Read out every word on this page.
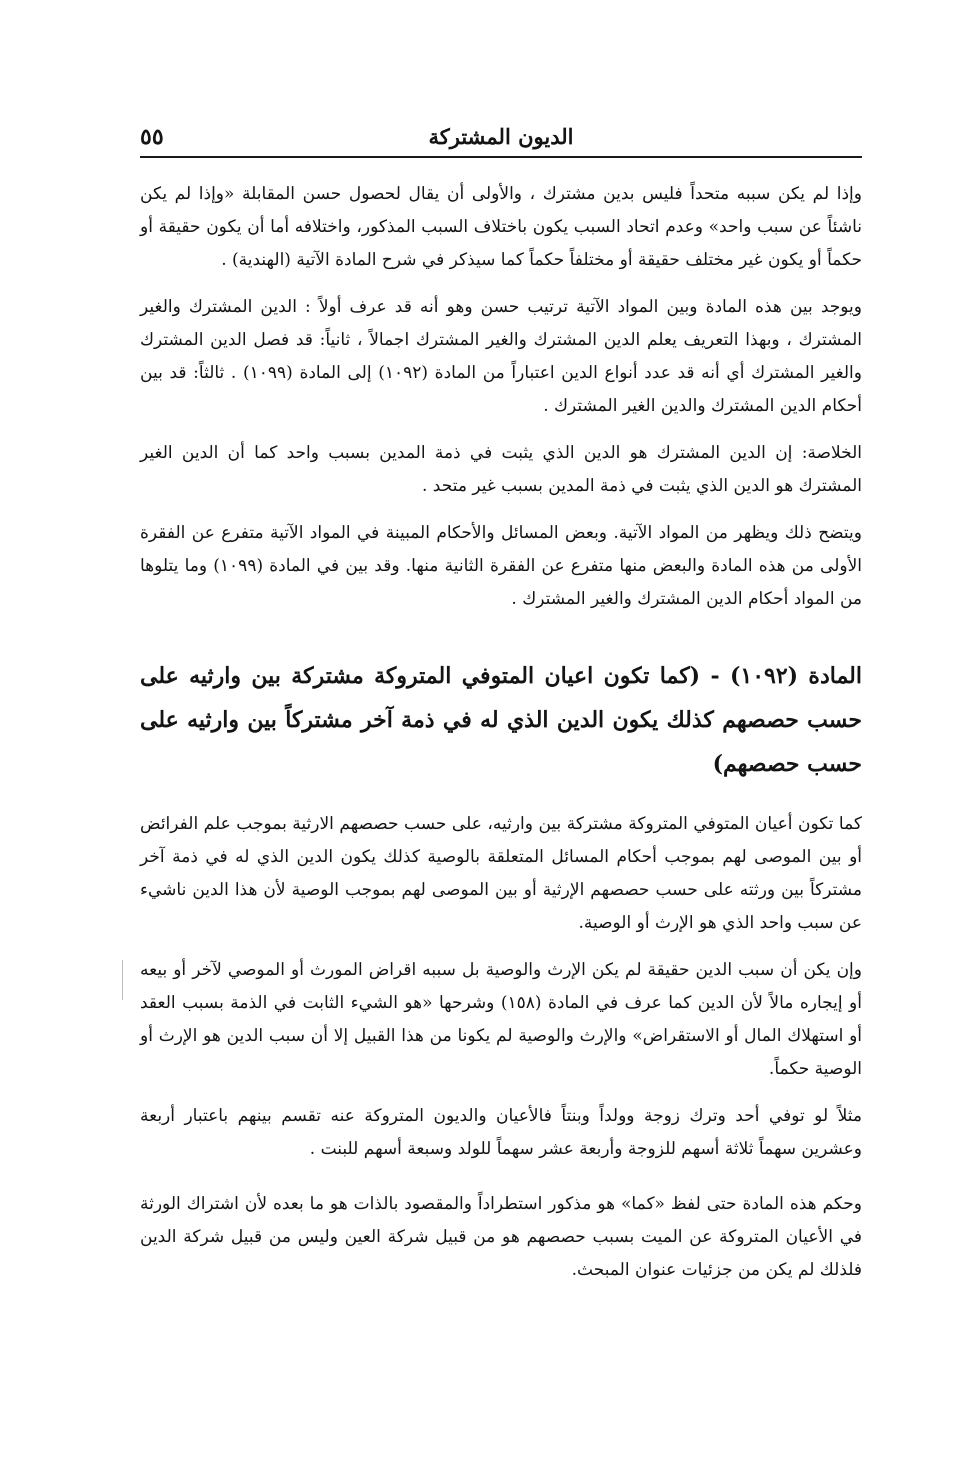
٥٥	الديون المشتركة

وإذا لم يكن سببه متحداً فليس بدين مشترك ، والأولى أن يقال لحصول حسن المقابلة «وإذا لم يكن ناشئاً عن سبب واحد» وعدم اتحاد السبب يكون باختلاف السبب المذكور، واختلافه أما أن يكون حقيقة أو حكماً أو يكون غير مختلف حقيقة أو مختلفاً حكماً كما سيذكر في شرح المادة الآتية (الهندية) .

ويوجد بين هذه المادة وبين المواد الآتية ترتيب حسن وهو أنه قد عرف أولاً : الدين المشترك والغير المشترك ، وبهذا التعريف يعلم الدين المشترك والغير المشترك اجمالاً ، ثانياً: قد فصل الدين المشترك والغير المشترك أي أنه قد عدد أنواع الدين اعتباراً من المادة (١٠٩٢) إلى المادة (١٠٩٩) . ثالثاً: قد بين أحكام الدين المشترك والدين الغير المشترك .

الخلاصة: إن الدين المشترك هو الدين الذي يثبت في ذمة المدين بسبب واحد كما أن الدين الغير المشترك هو الدين الذي يثبت في ذمة المدين بسبب غير متحد .

ويتضح ذلك ويظهر من المواد الآتية. وبعض المسائل والأحكام المبينة في المواد الآتية متفرع عن الفقرة الأولى من هذه المادة والبعض منها متفرع عن الفقرة الثانية منها. وقد بين في المادة (١٠٩٩) وما يتلوها من المواد أحكام الدين المشترك والغير المشترك .

المادة (١٠٩٢) - (كما تكون اعيان المتوفي المتروكة مشتركة بين وارثيه على حسب حصصهم كذلك يكون الدين الذي له في ذمة آخر مشتركاً بين وارثيه على حسب حصصهم)

كما تكون أعيان المتوفي المتروكة مشتركة بين وارثيه، على حسب حصصهم الارثية بموجب علم الفرائض أو بين الموصى لهم بموجب أحكام المسائل المتعلقة بالوصية كذلك يكون الدين الذي له في ذمة آخر مشتركاً بين ورثته على حسب حصصهم الإرثية أو بين الموصى لهم بموجب الوصية لأن هذا الدين ناشيء عن سبب واحد الذي هو الإرث أو الوصية.

وإن يكن أن سبب الدين حقيقة لم يكن الإرث والوصية بل سببه اقراض المورث أو الموصي لآخر أو بيعه أو إيجاره مالاً لأن الدين كما عرف في المادة (١٥٨) وشرحها «هو الشيء الثابت في الذمة بسبب العقد أو استهلاك المال أو الاستقراض» والإرث والوصية لم يكونا من هذا القبيل إلا أن سبب الدين هو الإرث أو الوصية حكماً.

مثلاً لو توفي أحد وترك زوجة وولداً وبنتاً فالأعيان والديون المتروكة عنه تقسم بينهم باعتبار أربعة وعشرين سهماً ثلاثة أسهم للزوجة وأربعة عشر سهماً للولد وسبعة أسهم للبنت .

وحكم هذه المادة حتى لفظ «كما» هو مذكور استطراداً والمقصود بالذات هو ما بعده لأن اشتراك الورثة في الأعيان المتروكة عن الميت بسبب حصصهم هو من قبيل شركة العين وليس من قبيل شركة الدين فلذلك لم يكن من جزئيات عنوان المبحث.
